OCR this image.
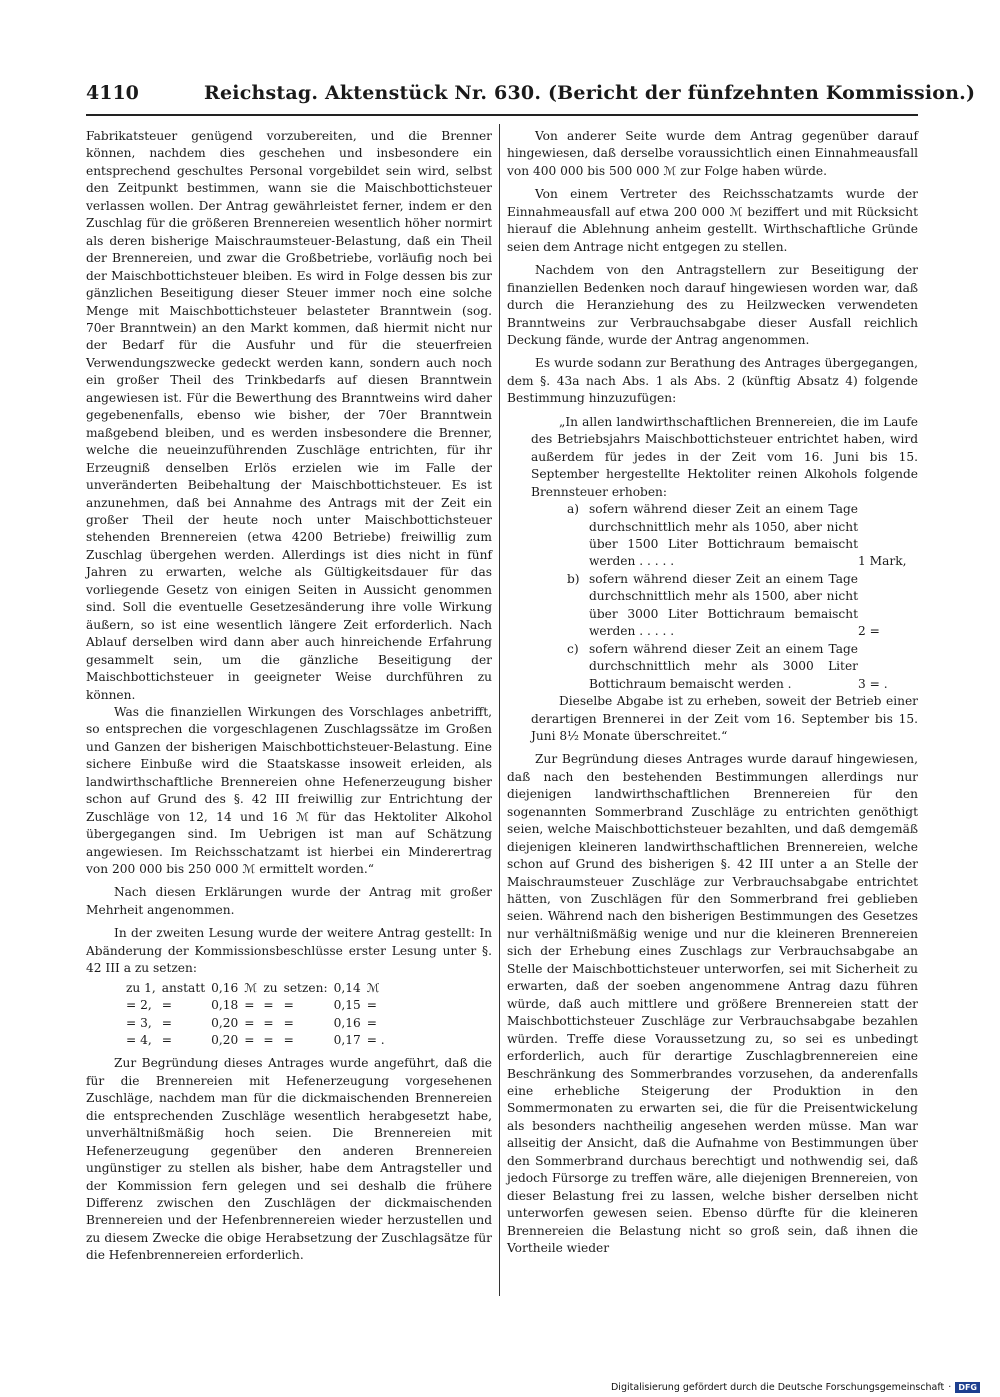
4110	Reichstag. Aktenstück Nr. 630. (Bericht der fünfzehnten Kommission.)

Fabrikatsteuer genügend vorzubereiten, und die Brenner können, nachdem dies geschehen und insbesondere ein entsprechend geschultes Personal vorgebildet sein wird, selbst den Zeitpunkt bestimmen, wann sie die Maischbottichsteuer verlassen wollen. Der Antrag gewährleistet ferner, indem er den Zuschlag für die größeren Brennereien wesentlich höher normirt als deren bisherige Maischraumsteuer-Belastung, daß ein Theil der Brennereien, und zwar die Großbetriebe, vorläufig noch bei der Maischbottichsteuer bleiben. Es wird in Folge dessen bis zur gänzlichen Beseitigung dieser Steuer immer noch eine solche Menge mit Maischbottichsteuer belasteter Branntwein (sog. 70er Branntwein) an den Markt kommen, daß hiermit nicht nur der Bedarf für die Ausfuhr und für die steuerfreien Verwendungszwecke gedeckt werden kann, sondern auch noch ein großer Theil des Trinkbedarfs auf diesen Branntwein angewiesen ist. Für die Bewerthung des Branntweins wird daher gegebenenfalls, ebenso wie bisher, der 70er Branntwein maßgebend bleiben, und es werden insbesondere die Brenner, welche die neueinzuführenden Zuschläge entrichten, für ihr Erzeugniß denselben Erlös erzielen wie im Falle der unveränderten Beibehaltung der Maischbottichsteuer. Es ist anzunehmen, daß bei Annahme des Antrags mit der Zeit ein großer Theil der heute noch unter Maischbottichsteuer stehenden Brennereien (etwa 4200 Betriebe) freiwillig zum Zuschlag übergehen werden. Allerdings ist dies nicht in fünf Jahren zu erwarten, welche als Gültigkeitsdauer für das vorliegende Gesetz von einigen Seiten in Aussicht genommen sind. Soll die eventuelle Gesetzesänderung ihre volle Wirkung äußern, so ist eine wesentlich längere Zeit erforderlich. Nach Ablauf derselben wird dann aber auch hinreichende Erfahrung gesammelt sein, um die gänzliche Beseitigung der Maischbottichsteuer in geeigneter Weise durchführen zu können.

Was die finanziellen Wirkungen des Vorschlages anbetrifft, so entsprechen die vorgeschlagenen Zuschlagssätze im Großen und Ganzen der bisherigen Maischbottichsteuer-Belastung. Eine sichere Einbuße wird die Staatskasse insoweit erleiden, als landwirthschaftliche Brennereien ohne Hefenerzeugung bisher schon auf Grund des §. 42 III freiwillig zur Entrichtung der Zuschläge von 12, 14 und 16 ℳ für das Hektoliter Alkohol übergegangen sind. Im Uebrigen ist man auf Schätzung angewiesen. Im Reichsschatzamt ist hierbei ein Minderertrag von 200 000 bis 250 000 ℳ ermittelt worden.“

Nach diesen Erklärungen wurde der Antrag mit großer Mehrheit angenommen.

In der zweiten Lesung wurde der weitere Antrag gestellt: In Abänderung der Kommissionsbeschlüsse erster Lesung unter §. 42 III a zu setzen:

zu 1,	anstatt	0,16	ℳ	zu	setzen:	0,14	ℳ
= 2,	=	0,18	=	=	=	0,15	=
= 3,	=	0,20	=	=	=	0,16	=
= 4,	=	0,20	=	=	=	0,17	= .

Zur Begründung dieses Antrages wurde angeführt, daß die für die Brennereien mit Hefenerzeugung vorgesehenen Zuschläge, nachdem man für die dickmaischenden Brennereien die entsprechenden Zuschläge wesentlich herabgesetzt habe, unverhältnißmäßig hoch seien. Die Brennereien mit Hefenerzeugung gegenüber den anderen Brennereien ungünstiger zu stellen als bisher, habe dem Antragsteller und der Kommission fern gelegen und sei deshalb die frühere Differenz zwischen den Zuschlägen der dickmaischenden Brennereien und der Hefenbrennereien wieder herzustellen und zu diesem Zwecke die obige Herabsetzung der Zuschlagsätze für die Hefenbrennereien erforderlich.

Von anderer Seite wurde dem Antrag gegenüber darauf hingewiesen, daß derselbe voraussichtlich einen Einnahmeausfall von 400 000 bis 500 000 ℳ zur Folge haben würde.

Von einem Vertreter des Reichsschatzamts wurde der Einnahmeausfall auf etwa 200 000 ℳ beziffert und mit Rücksicht hierauf die Ablehnung anheim gestellt. Wirthschaftliche Gründe seien dem Antrage nicht entgegen zu stellen.

Nachdem von den Antragstellern zur Beseitigung der finanziellen Bedenken noch darauf hingewiesen worden war, daß durch die Heranziehung des zu Heilzwecken verwendeten Branntweins zur Verbrauchsabgabe dieser Ausfall reichlich Deckung fände, wurde der Antrag angenommen.

Es wurde sodann zur Berathung des Antrages übergegangen, dem §. 43a nach Abs. 1 als Abs. 2 (künftig Absatz 4) folgende Bestimmung hinzuzufügen:

„In allen landwirthschaftlichen Brennereien, die im Laufe des Betriebsjahrs Maischbottichsteuer entrichtet haben, wird außerdem für jedes in der Zeit vom 16. Juni bis 15. September hergestellte Hektoliter reinen Alkohols folgende Brennsteuer erhoben:

a) sofern während dieser Zeit an einem Tage durchschnittlich mehr als 1050, aber nicht über 1500 Liter Bottichraum bemaischt werden . . . . .	1 Mark,
b) sofern während dieser Zeit an einem Tage durchschnittlich mehr als 1500, aber nicht über 3000 Liter Bottichraum bemaischt werden . . . . .	2 =
c) sofern während dieser Zeit an einem Tage durchschnittlich mehr als 3000 Liter Bottichraum bemaischt werden .	3 = .

Dieselbe Abgabe ist zu erheben, soweit der Betrieb einer derartigen Brennerei in der Zeit vom 16. September bis 15. Juni 8½ Monate überschreitet.“

Zur Begründung dieses Antrages wurde darauf hingewiesen, daß nach den bestehenden Bestimmungen allerdings nur diejenigen landwirthschaftlichen Brennereien für den sogenannten Sommerbrand Zuschläge zu entrichten genöthigt seien, welche Maischbottichsteuer bezahlten, und daß demgemäß diejenigen kleineren landwirthschaftlichen Brennereien, welche schon auf Grund des bisherigen §. 42 III unter a an Stelle der Maischraumsteuer Zuschläge zur Verbrauchsabgabe entrichtet hätten, von Zuschlägen für den Sommerbrand frei geblieben seien. Während nach den bisherigen Bestimmungen des Gesetzes nur verhältnißmäßig wenige und nur die kleineren Brennereien sich der Erhebung eines Zuschlags zur Verbrauchsabgabe an Stelle der Maischbottichsteuer unterworfen, sei mit Sicherheit zu erwarten, daß der soeben angenommene Antrag dazu führen würde, daß auch mittlere und größere Brennereien statt der Maischbottichsteuer Zuschläge zur Verbrauchsabgabe bezahlen würden. Treffe diese Voraussetzung zu, so sei es unbedingt erforderlich, auch für derartige Zuschlagbrennereien eine Beschränkung des Sommerbrandes vorzusehen, da anderenfalls eine erhebliche Steigerung der Produktion in den Sommermonaten zu erwarten sei, die für die Preisentwickelung als besonders nachtheilig angesehen werden müsse. Man war allseitig der Ansicht, daß die Aufnahme von Bestimmungen über den Sommerbrand durchaus berechtigt und nothwendig sei, daß jedoch Fürsorge zu treffen wäre, alle diejenigen Brennereien, von dieser Belastung frei zu lassen, welche bisher derselben nicht unterworfen gewesen seien. Ebenso dürfte für die kleineren Brennereien die Belastung nicht so groß sein, daß ihnen die Vortheile wieder

Digitalisierung gefördert durch die Deutsche Forschungsgemeinschaft · DFG
